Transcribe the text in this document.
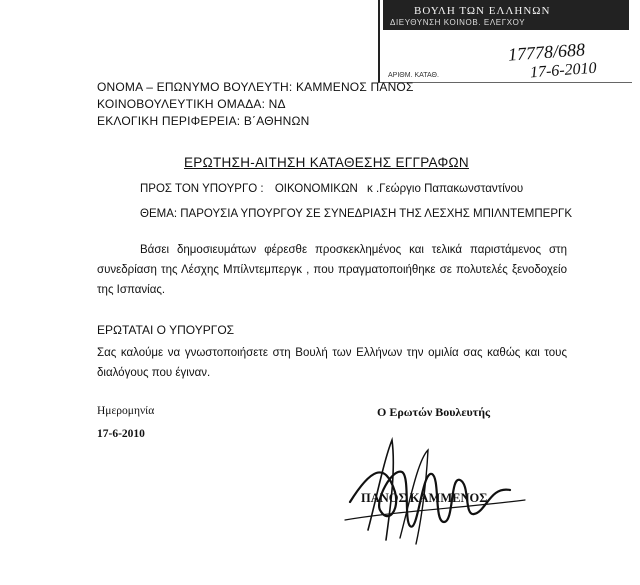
ΒΟΥΛΗ ΤΩΝ ΕΛΛΗΝΩΝ
ΔΙΕΥΘΥΝΣΗ ΚΟΙΝΟΒ. ΕΛΕΓΧΟΥ
17778/688
17-6-2010
ΑΡΙΘΜ. ΚΑΤΑΘ.
ΟΝΟΜΑ – ΕΠΩΝΥΜΟ ΒΟΥΛΕΥΤΗ: ΚΑΜΜΕΝΟΣ ΠΑΝΟΣ
ΚΟΙΝΟΒΟΥΛΕΥΤΙΚΗ ΟΜΑΔΑ: ΝΔ
ΕΚΛΟΓΙΚΗ ΠΕΡΙΦΕΡΕΙΑ: Β΄ΑΘΗΝΩΝ
ΕΡΩΤΗΣΗ-ΑΙΤΗΣΗ ΚΑΤΑΘΕΣΗΣ ΕΓΓΡΑΦΩΝ
ΠΡΟΣ ΤΟΝ ΥΠΟΥΡΓΟ : ΟΙΚΟΝΟΜΙΚΩΝ κ .Γεώργιο Παπακωνσταντίνου
ΘΕΜΑ: ΠΑΡΟΥΣΙΑ ΥΠΟΥΡΓΟΥ ΣΕ ΣΥΝΕΔΡΙΑΣΗ ΤΗΣ ΛΕΣΧΗΣ ΜΠΙΛΝΤΕΜΠΕΡΓΚ
Βάσει δημοσιευμάτων φέρεσθε προσκεκλημένος και τελικά παριστάμενος στη συνεδρίαση της Λέσχης Μπίλντεμπεργκ , που πραγματοποιήθηκε σε πολυτελές ξενοδοχείο της Ισπανίας.
ΕΡΩΤΑΤΑΙ Ο ΥΠΟΥΡΓΟΣ
Σας καλούμε να γνωστοποιήσετε στη Βουλή των Ελλήνων την ομιλία σας καθώς και τους διαλόγους που έγιναν.
Ημερομηνία
17-6-2010
Ο Ερωτών Βουλευτής
ΠΑΝΟΣ ΚΑΜΜΕΝΟΣ
